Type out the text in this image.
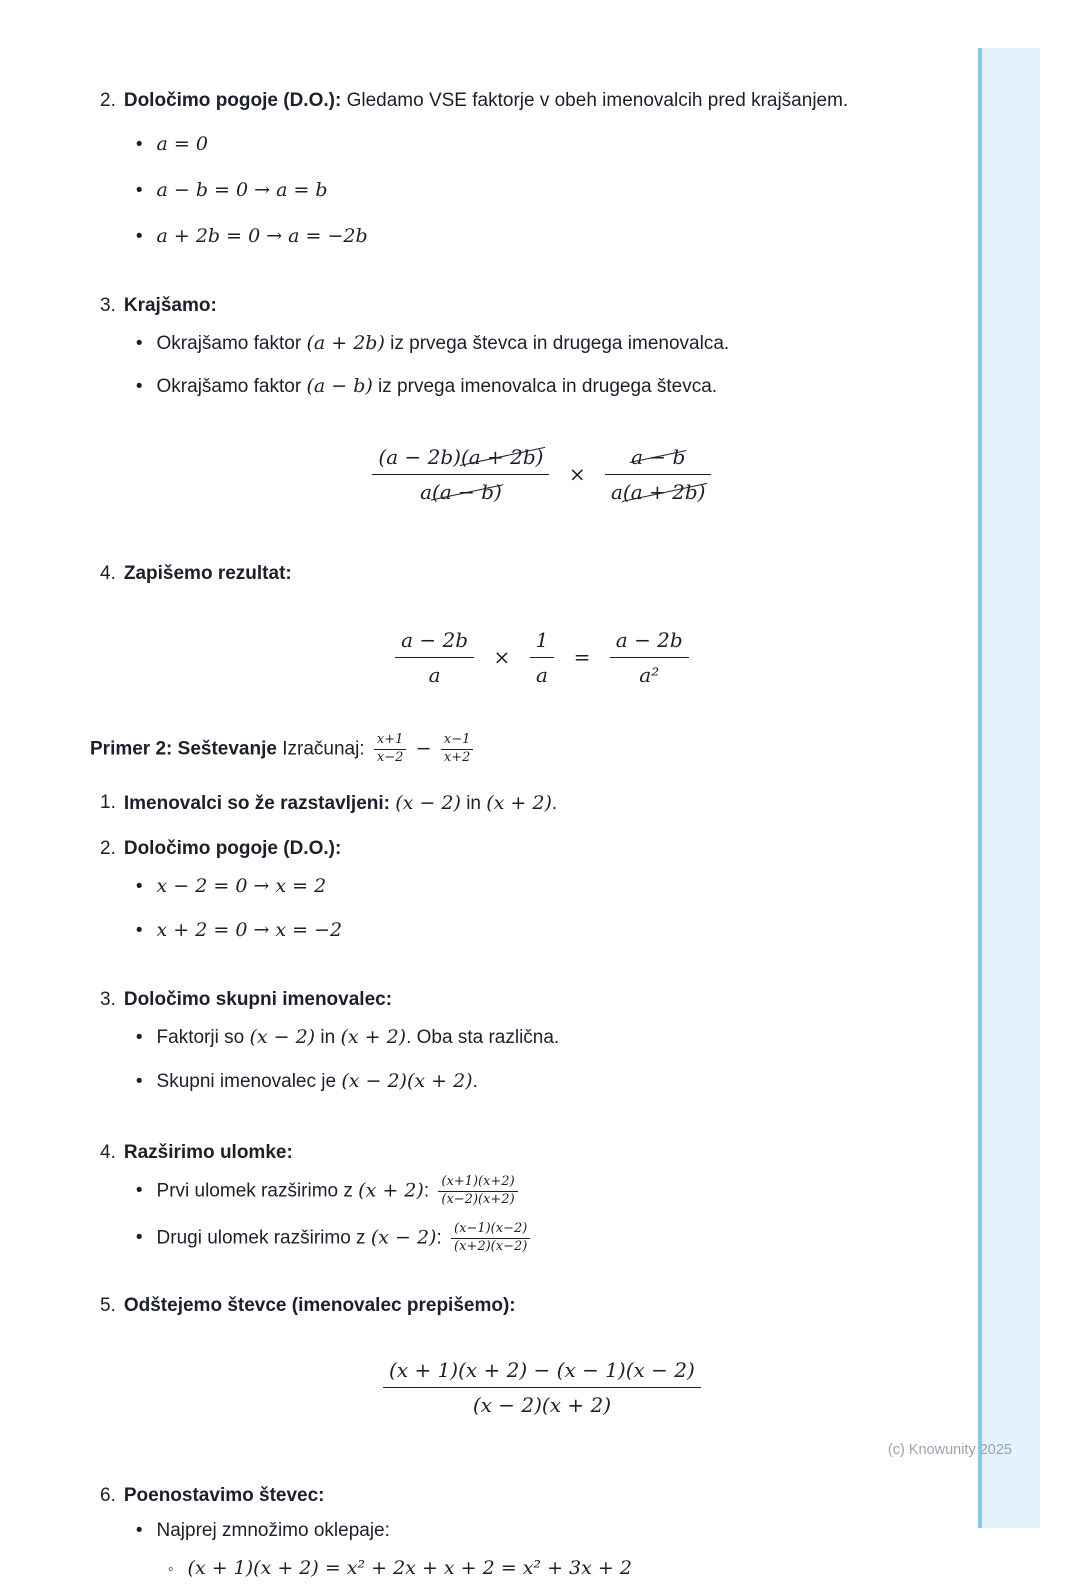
2. Določimo pogoje (D.O.): Gledamo VSE faktorje v obeh imenovalcih pred krajšanjem.

• a = 0
• a − b = 0 → a = b
• a + 2b = 0 → a = −2b
3. Krajšamo:

• Okrajšamo faktor (a + 2b) iz prvega števca in drugega imenovalca.
• Okrajšamo faktor (a − b) iz prvega imenovalca in drugega števca.
$\frac{(a - 2b)(a + 2b)}{a(a - b)} \times \frac{a - b}{a(a + 2b)}$
4. Zapišemo rezultat:

$\frac{a - 2b}{a} \times \frac{1}{a} = \frac{a - 2b}{\text{a²}}$

Primer 2: Seštevanje Izračunaj: $\frac{x+1}{x-2} - \frac{x-1}{x+2}$

1. Imenovalci so že razstavljeni: (x − 2) in (x + 2).

2. Določimo pogoje (D.O.):

• x − 2 = 0 → x = 2
• x + 2 = 0 → x = −2
3. Določimo skupni imenovalec:

• Faktorji so (x − 2) in (x + 2). Oba sta različna.
• Skupni imenovalec je (x − 2)(x + 2).
4. Razširimo ulomke:

• Prvi ulomek razširimo z (x + 2): $\frac{(x+1)(x+2)}{(x-2)(x+2)}$
• Drugi ulomek razširimo z (x − 2): $\frac{(x-1)(x-2)}{(x+2)(x-2)}$
5. Odštejemo števce (imenovalec prepišemo):

$\frac{(x + 1)(x + 2) - (x - 1)(x - 2)}{(x - 2)(x + 2)}$
6. Poenostavimo števec:

• Najprej zmnožimo oklepaje:
◦ (x + 1)(x + 2) = x² + 2x + x + 2 = x² + 3x + 2
(c) Knowunity 2025
